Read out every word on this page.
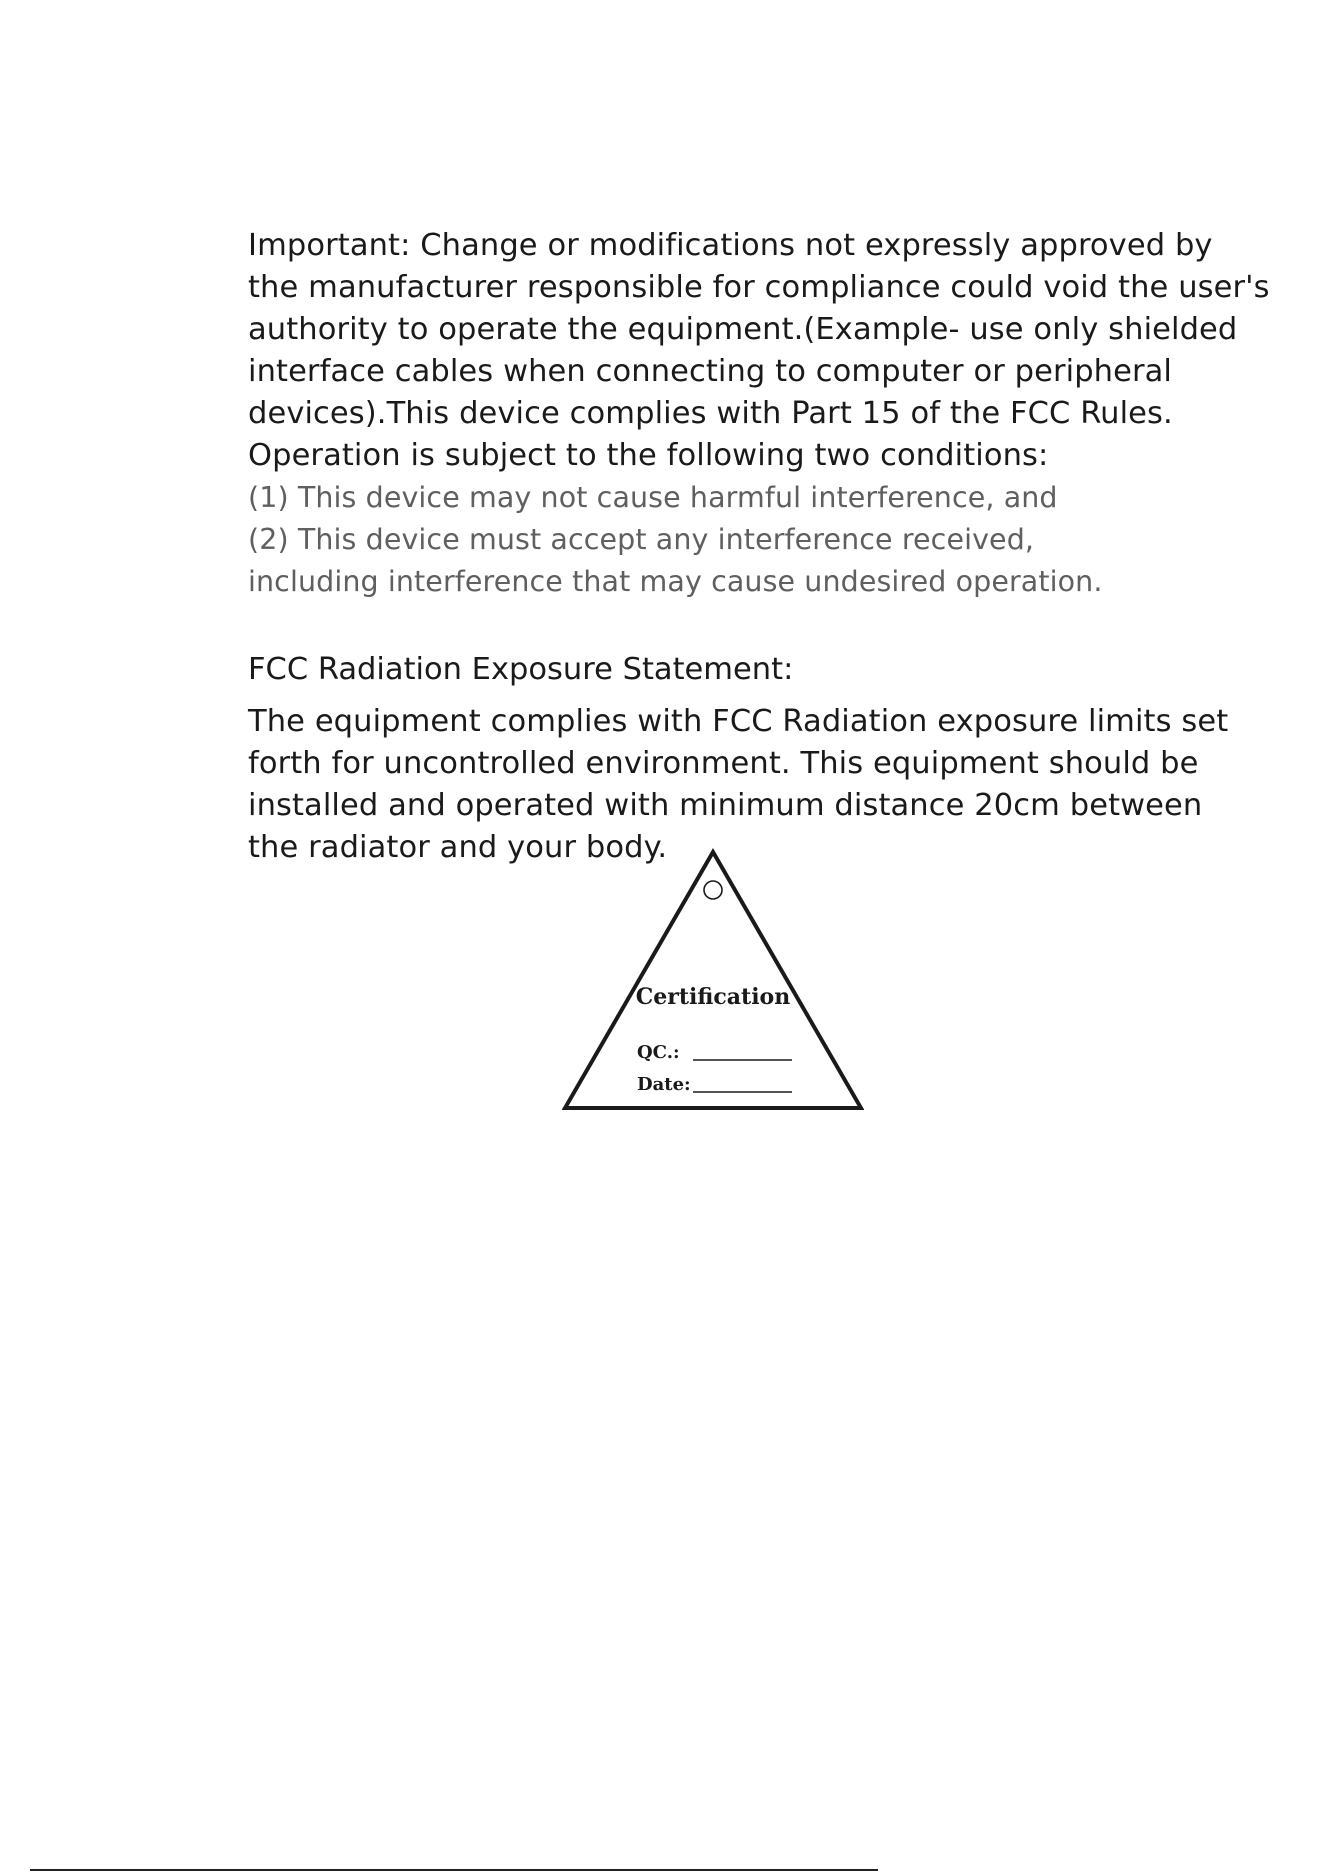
Important: Change or modifications not expressly approved by
the manufacturer responsible for compliance could void the user's
authority to operate the equipment.(Example- use only shielded
interface cables when connecting to computer or peripheral
devices).This device complies with Part 15 of the FCC Rules.
Operation is subject to the following two conditions:
(1) This device may not cause harmful interference, and
(2) This device must accept any interference received,
including interference that may cause undesired operation.
FCC Radiation Exposure Statement:
The equipment complies with FCC Radiation exposure limits set
forth for uncontrolled environment. This equipment should be
installed and operated with minimum distance 20cm between
the radiator and your body.
Certification
QC.:
Date:
